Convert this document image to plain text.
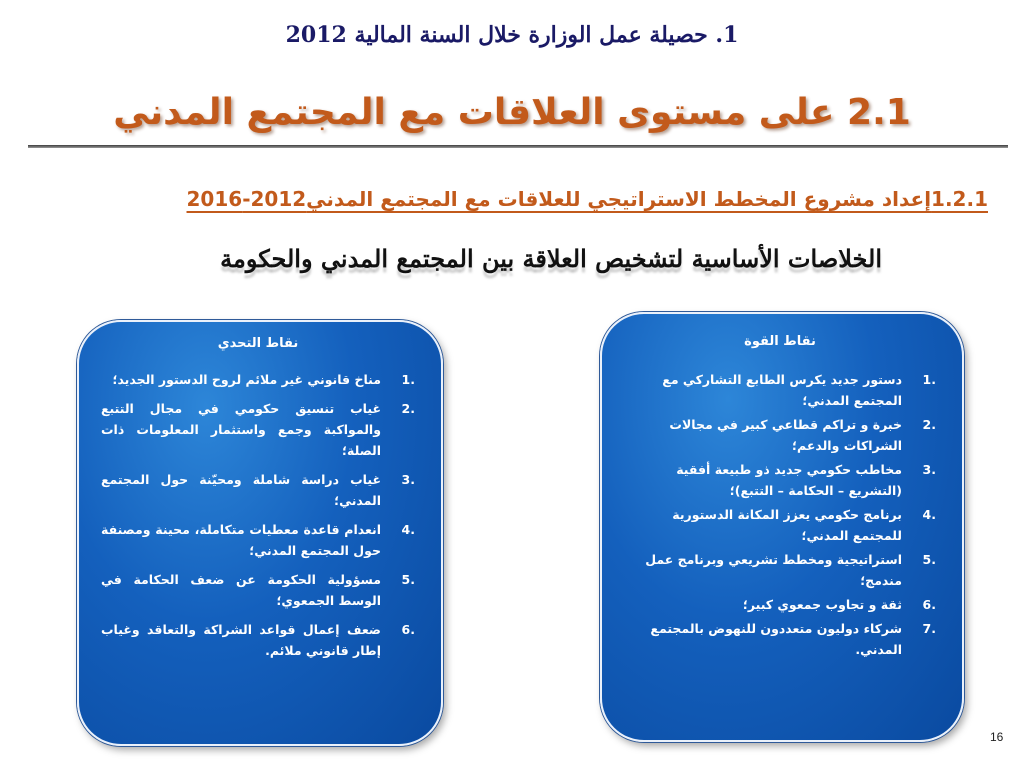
1. حصيلة عمل الوزارة خلال السنة المالية 2012
2.1 على مستوى العلاقات مع المجتمع المدني
1.2.1إعداد مشروع المخطط الاستراتيجي للعلاقات مع المجتمع المدني2012-2016
الخلاصات الأساسية لتشخيص العلاقة بين المجتمع المدني والحكومة
نقاط القوة
.1
دستور جديد يكرس الطابع التشاركي مع المجتمع المدني؛
.2
خبرة و تراكم قطاعي كبير في مجالات الشراكات والدعم؛
.3
مخاطب حكومي جديد ذو طبيعة أفقية (التشريع – الحكامة – التتبع)؛
.4
برنامج حكومي يعزز المكانة الدستورية للمجتمع المدني؛
.5
استراتيجية ومخطط تشريعي وبرنامج عمل مندمج؛
.6
ثقة و تجاوب جمعوي كبير؛
.7
شركاء دوليون متعددون للنهوض بالمجتمع المدني.
نقاط التحدي
.1
مناخ قانوني غير ملائم لروح الدستور الجديد؛
.2
غياب تنسيق حكومي في مجال التتبع والمواكبة وجمع واستثمار المعلومات ذات الصلة؛
.3
غياب دراسة شاملة ومحيّنة حول المجتمع المدني؛
.4
انعدام قاعدة معطيات متكاملة، محينة ومصنفة حول المجتمع المدني؛
.5
مسؤولية الحكومة عن ضعف الحكامة في الوسط الجمعوي؛
.6
ضعف إعمال قواعد الشراكة والتعاقد وغياب إطار قانوني ملائم.
16
